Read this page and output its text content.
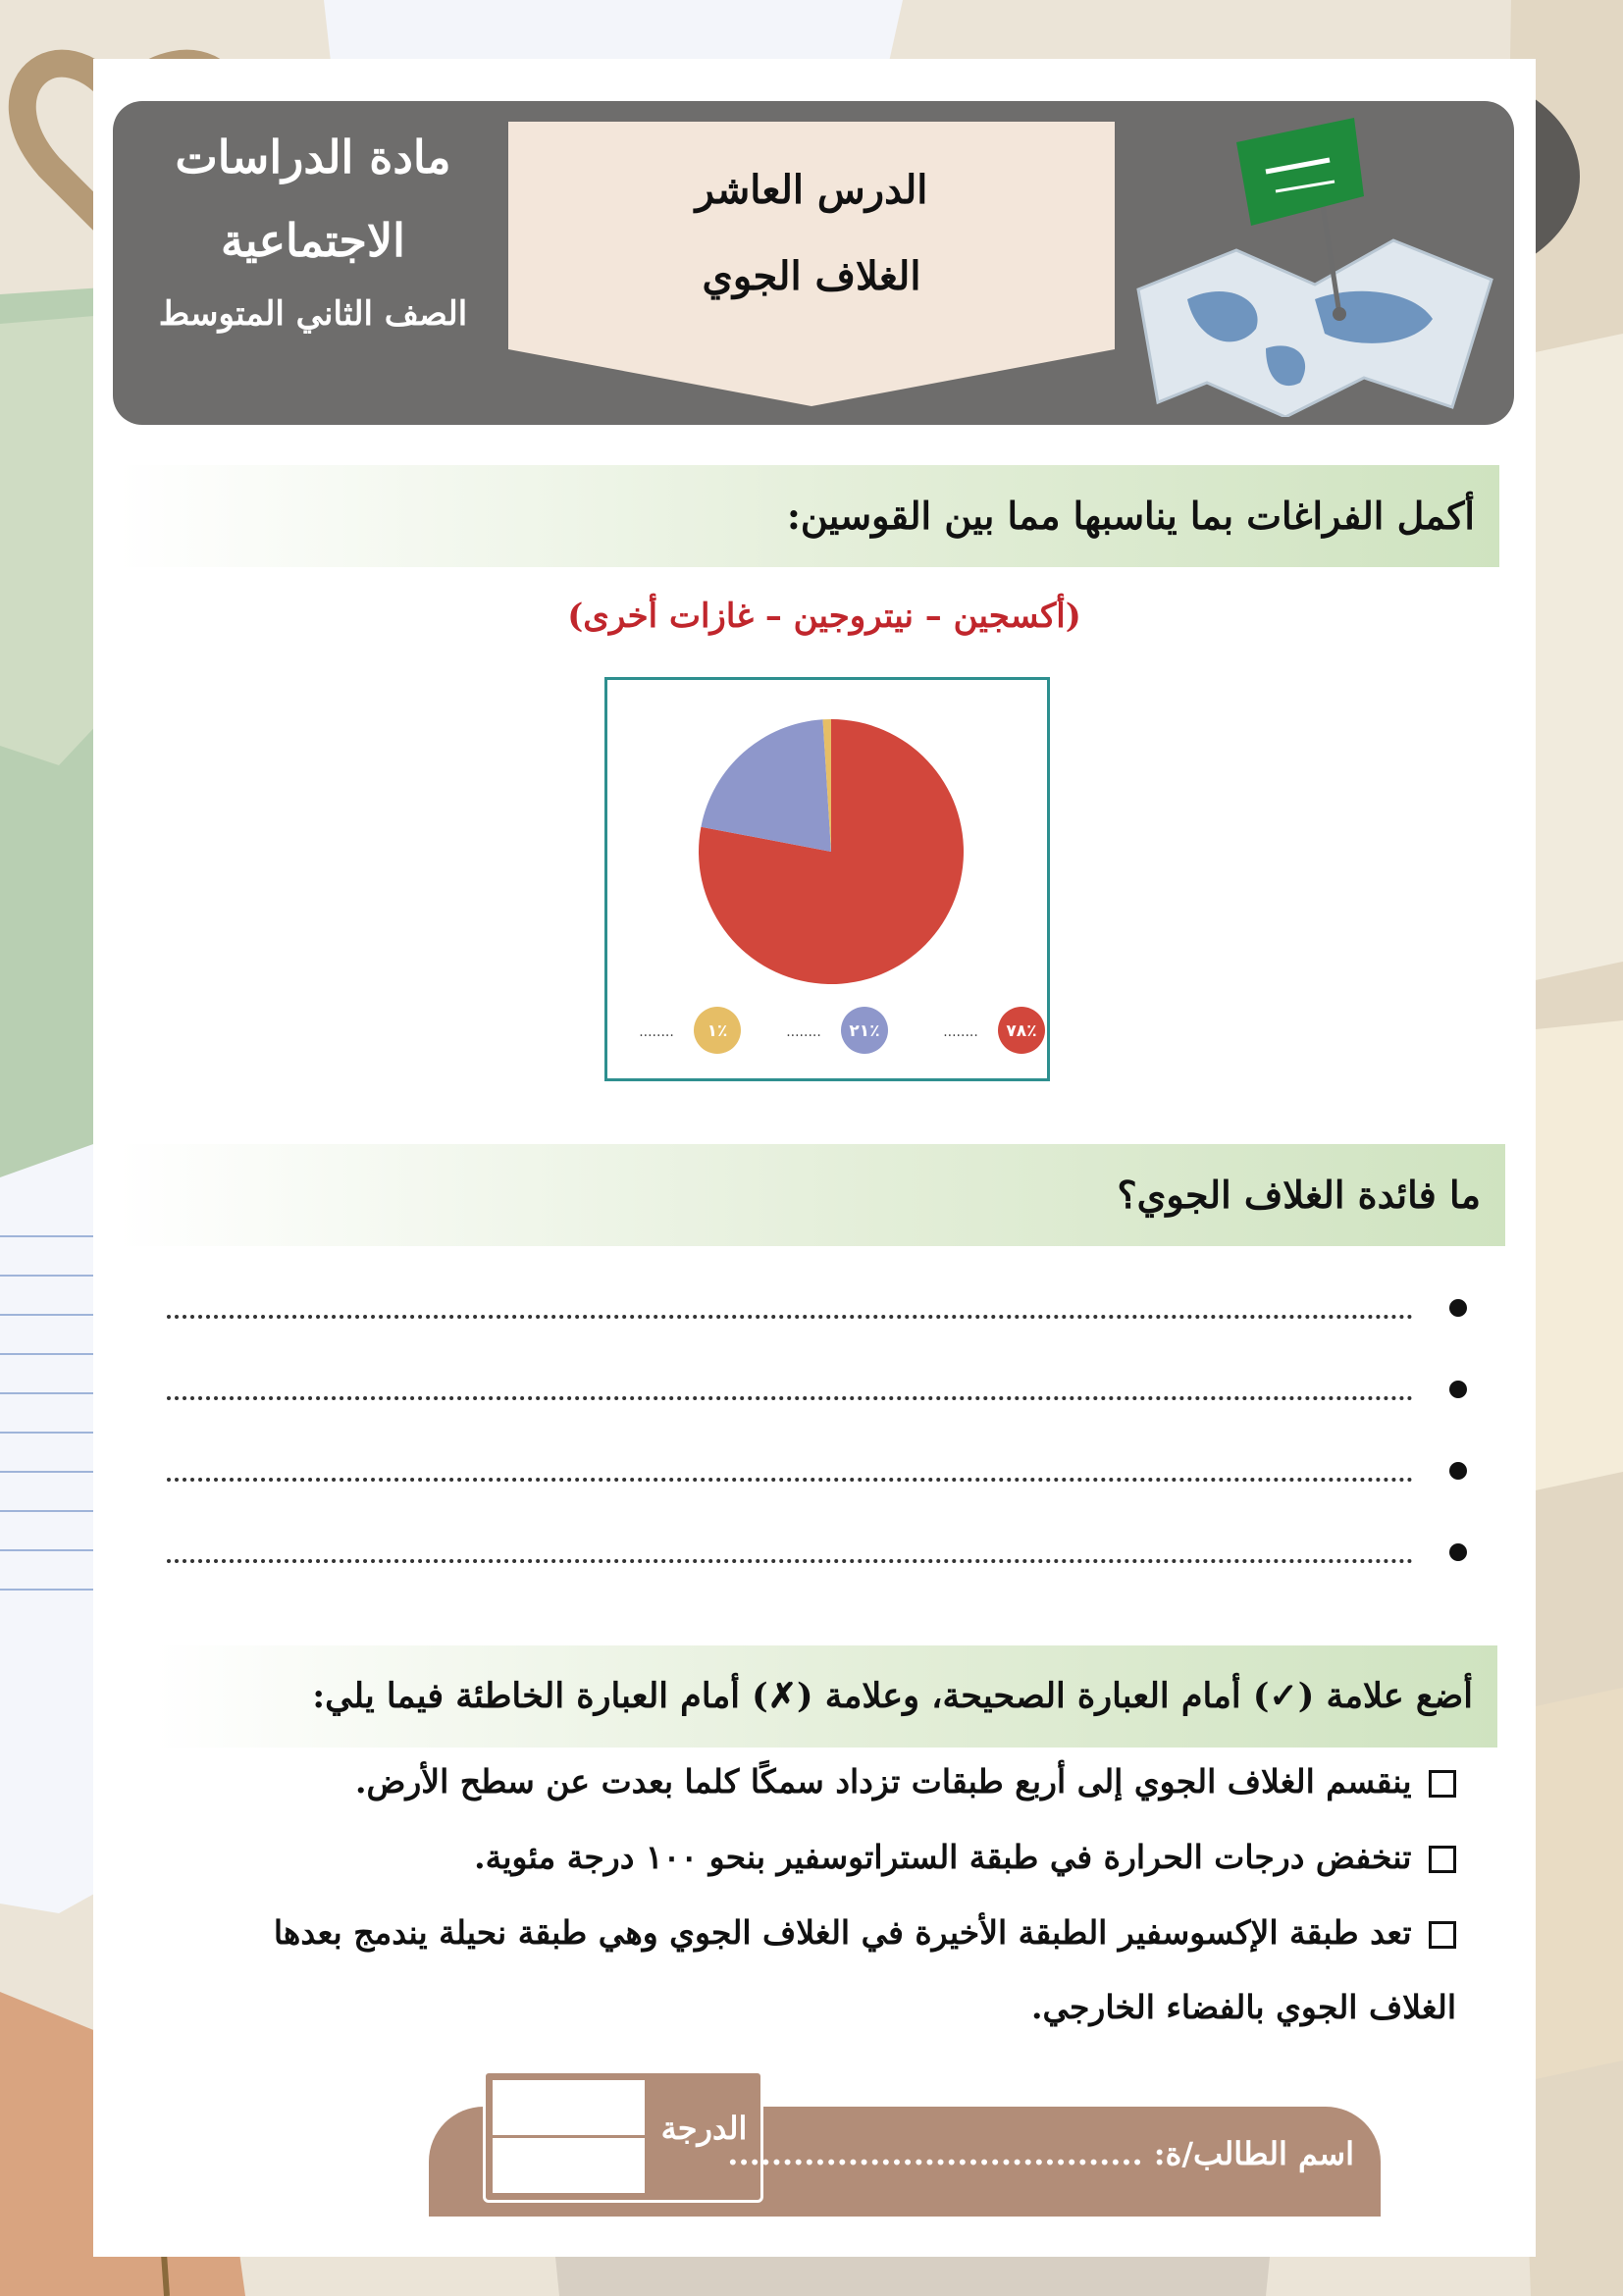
مادة الدراسات
الاجتماعية
الصف الثاني المتوسط
الدرس العاشر
الغلاف الجوي
أكمل الفراغات بما يناسبها مما بين القوسين:
(أكسجين – نيتروجين – غازات أخرى)
٧٨٪
........
٢١٪
........
١٪
........
ما فائدة الغلاف الجوي؟
أضع علامة (✓) أمام العبارة الصحيحة، وعلامة (✗) أمام العبارة الخاطئة فيما يلي:
ينقسم الغلاف الجوي إلى أربع طبقات تزداد سمكًا كلما بعدت عن سطح الأرض.
تنخفض درجات الحرارة في طبقة الستراتوسفير بنحو ١٠٠ درجة مئوية.
تعد طبقة الإكسوسفير الطبقة الأخيرة في الغلاف الجوي وهي طبقة نحيلة يندمج بعدها الغلاف الجوي بالفضاء الخارجي.
الدرجة
اسم الطالب/ة: ......................................
